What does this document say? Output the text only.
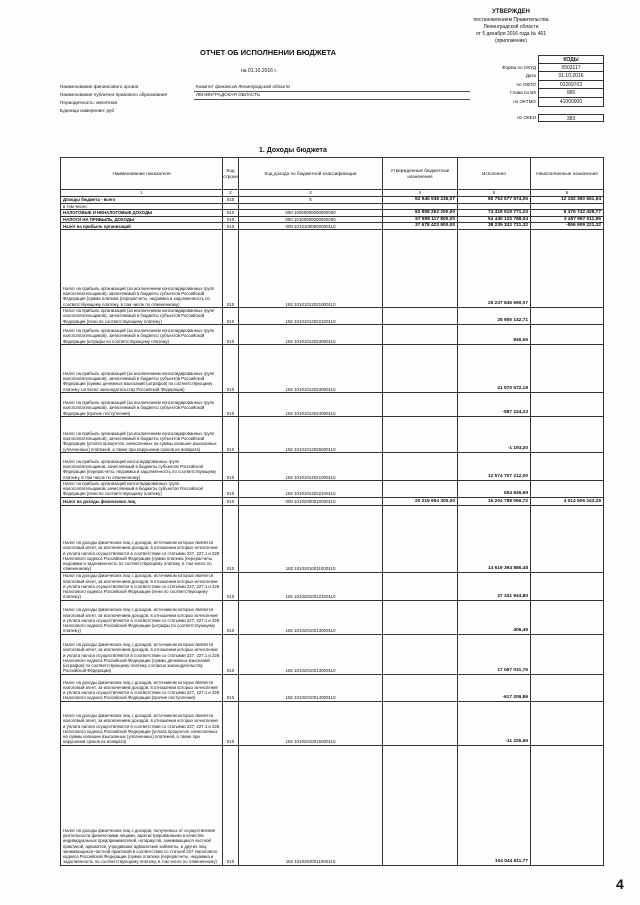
УТВЕРЖДЕН
постановлением Правительства
Ленинградской области
от 5 декабря 2016 года № 461
(приложение)
ОТЧЕТ ОБ ИСПОЛНЕНИИ БЮДЖЕТА
на 01.10.2016 г.
КОДЫ
Форма по ОКУД	0503117
Дата	01.10.2016
по ОКПО	02269703
Глава по БК	965
по ОКТМО	41000000
по ОКЕИ	383
Наименование финансового органа	Комитет финансов Ленинградской области
Наименование публично-правового образования	ЛЕНИНГРАДСКАЯ ОБЛАСТЬ
Периодичность: месячная
Единица измерения: руб
1. Доходы бюджета
Наименование показателя	Код строки	Код дохода по бюджетной классификации	Утвержденные бюджетные назначения	Исполнено	Неисполненные назначения
1	2	3	4	5	6
Доходы бюджета - всего	010	X	92 945 938 236,07	80 753 577 574,06	12 192 360 651,94
в том числе:					
НАЛОГОВЫЕ И НЕНАЛОГОВЫЕ ДОХОДЫ	010	000 10000000000000000	83 898 262 200,00	74 418 519 771,23	9 479 742 428,77
НАЛОГИ НА ПРИБЫЛЬ, ДОХОДЫ	010	000 10100000000000000	57 898 117 800,00	54 440 120 788,04	3 457 997 011,96
Налог на прибыль организаций	010	000 10101000000000110	37 678 423 500,00	38 235 332 721,32	-556 909 221,32
Налог на прибыль организаций (за исключением консолидированных групп налогоплательщиков), зачисляемый в бюджеты субъектов Российской Федерации (сумма платежа (перерасчеты, недоимка и задолженность по соответствующему платежу, в том числе по отмененному)	010	182 10101012021000110		25 237 846 690,07	
Налог на прибыль организаций (за исключением консолидированных групп налогоплательщиков), зачисляемый в бюджеты субъектов Российской Федерации (пени по соответствующему платежу)	010	182 10101012022100110		25 905 142,71	
Налог на прибыль организаций (за исключением консолидированных групп налогоплательщиков), зачисляемый в бюджеты субъектов Российской Федерации (штрафы по соответствующему платежу)	010	182 10101012023000110		846,55	
Налог на прибыль организаций (за исключением консолидированных групп налогоплательщиков), зачисляемый в бюджеты субъектов Российской Федерации (суммы денежных взысканий (штрафов) по соответствующему платежу согласно законодательству Российской Федерации)	010	182 10101012023000110		21 570 572,18	
Налог на прибыль организаций (за исключением консолидированных групп налогоплательщиков), зачисляемый в бюджеты субъектов Российской Федерации (прочие поступления)	010	182 10101012024000110		-587 234,23	
Налог на прибыль организаций (за исключением консолидированных групп налогоплательщиков), зачисляемый в бюджеты субъектов Российской Федерации (уплата процентов, начисленных на суммы излишне взысканных (уплаченных) платежей, а также при нарушении сроков их возврата)	010	182 10101012025000110		-1 193,20	
Налог на прибыль организаций консолидированных групп налогоплательщиков, зачисляемый в бюджеты субъектов Российской Федерации (перерасчеты, недоимка и задолженность по соответствующему платежу, в том числе по отмененному)	010	182 10101014021000110		12 574 707 212,00	
Налог на прибыль организаций консолидированных групп налогоплательщиков, зачисляемый в бюджеты субъектов Российской Федерации (пени по соответствующему платежу)	010	182 10101014022100110		554 849,69	
Налог на доходы физических лиц	010	000 10102000010000110	20 219 694 300,00	16 204 788 056,72	4 014 906 243,28
Налог на доходы физических лиц с доходов, источником которых является налоговый агент, за исключением доходов, в отношении которых исчисление и уплата налога осуществляются в соответствии со статьями 227, 227.1 и 228 Налогового кодекса Российской Федерации (сумма платежа (перерасчеты, недоимка и задолженность по соответствующему платежу, в том числе по отмененному)	010	182 10102010011000110		14 619 394 886,48	
Налог на доходы физических лиц с доходов, источником которых является налоговый агент, за исключением доходов, в отношении которых исчисление и уплата налога осуществляются в соответствии со статьями 227, 227.1 и 228 Налогового кодекса Российской Федерации (пени по соответствующему платежу)	010	182 10102010012100110		27 341 944,80	
Налог на доходы физических лиц с доходов, источником которых является налоговый агент, за исключением доходов, в отношении которых исчисление и уплата налога осуществляются в соответствии со статьями 227, 227.1 и 228 Налогового кодекса Российской Федерации (штрафы по соответствующему платежу)	010	182 10102010013000110		406,49	
Налог на доходы физических лиц с доходов, источником которых является налоговый агент, за исключением доходов, в отношении которых исчисление и уплата налога осуществляются в соответствии со статьями 227, 227.1 и 228 Налогового кодекса Российской Федерации (суммы денежных взысканий (штрафов) по соответствующему платежу согласно законодательству Российской Федерации)	010	182 10102010013000110		17 067 031,76	
Налог на доходы физических лиц с доходов, источником которых является налоговый агент, за исключением доходов, в отношении которых исчисление и уплата налога осуществляются в соответствии со статьями 227, 227.1 и 228 Налогового кодекса Российской Федерации (прочие поступления)	010	182 10102010014000110		-617 206,86	
Налог на доходы физических лиц с доходов, источником которых является налоговый агент, за исключением доходов, в отношении которых исчисление и уплата налога осуществляются в соответствии со статьями 227, 227.1 и 228 Налогового кодекса Российской Федерации (уплата процентов, начисленных на суммы излишне взысканных (уплаченных) платежей, а также при нарушении сроков их возврата)	010	182 10102010015000110		-11 226,66	
Налог на доходы физических лиц с доходов, полученных от осуществления деятельности физическими лицами, зарегистрированными в качестве индивидуальных предпринимателей, нотариусов, занимающихся частной практикой, адвокатов, учредивших адвокатские кабинеты, и других лиц, занимающихся частной практикой в соответствии со статьей 227 Налогового кодекса Российской Федерации (сумма платежа (перерасчеты, недоимка и задолженность по соответствующему платежу, в том числе по отмененному)	010	182 10102020011000110		104 044 611,77	
4
